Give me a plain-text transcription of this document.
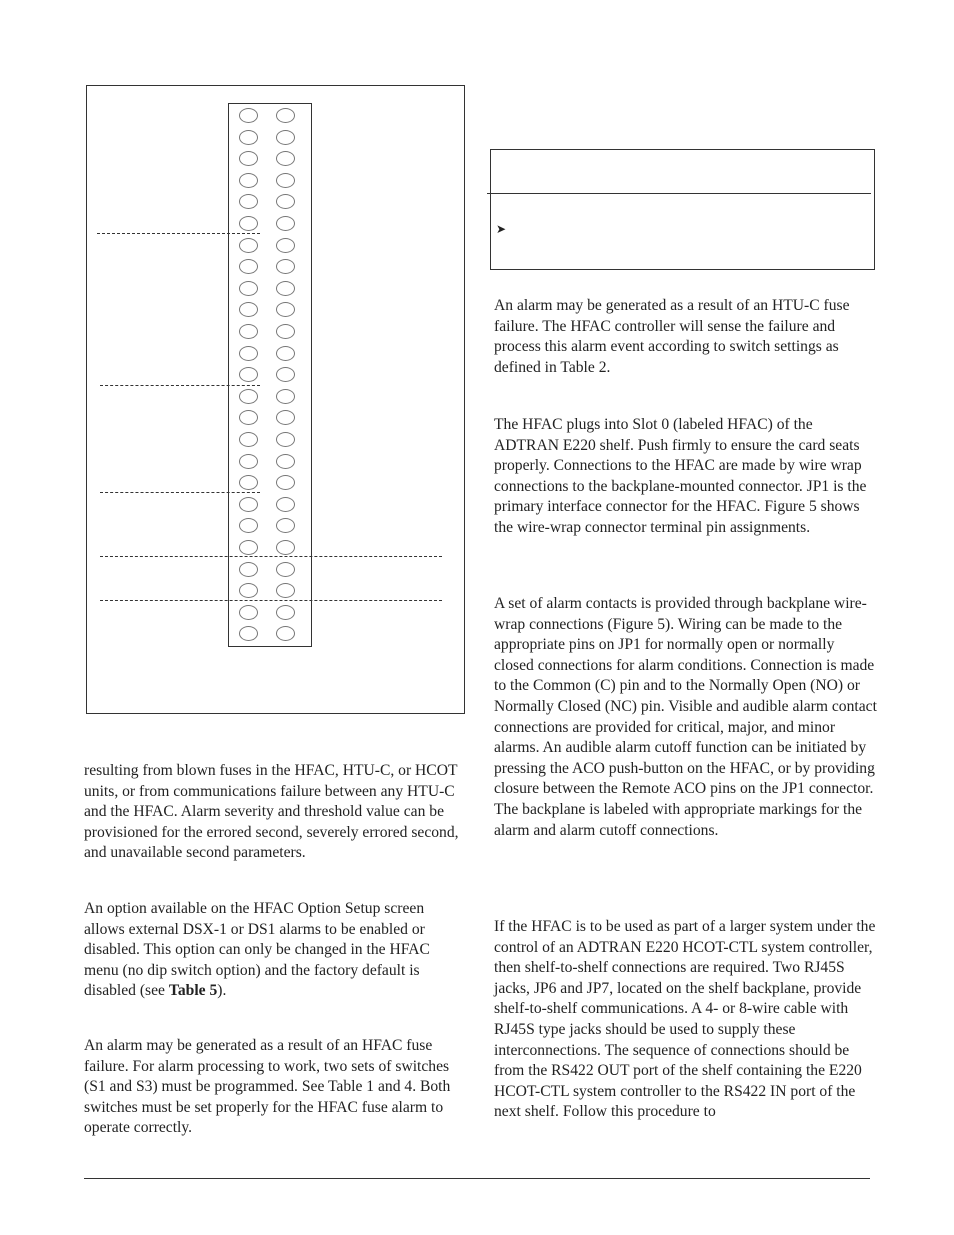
➤

resulting from blown fuses in the HFAC, HTU-C, or HCOT units, or from communications failure between any HTU-C and the HFAC. Alarm severity and threshold value can be provisioned for the errored second, severely errored second, and unavailable second parameters.

An option available on the HFAC Option Setup screen allows external DSX-1 or DS1 alarms to be enabled or disabled. This option can only be changed in the HFAC menu (no dip switch option) and the factory default is disabled (see Table 5).

An alarm may be generated as a result of an HFAC fuse failure. For alarm processing to work, two sets of switches (S1 and S3) must be programmed. See Table 1 and 4. Both switches must be set properly for the HFAC fuse alarm to operate correctly.

An alarm may be generated as a result of an HTU-C fuse failure. The HFAC controller will sense the failure and process this alarm event according to switch settings as defined in Table 2.

The HFAC plugs into Slot 0 (labeled HFAC) of the ADTRAN E220 shelf. Push firmly to ensure the card seats properly. Connections to the HFAC are made by wire wrap connections to the backplane-mounted connector. JP1 is the primary interface connector for the HFAC. Figure 5 shows the wire-wrap connector terminal pin assignments.

A set of alarm contacts is provided through backplane wire-wrap connections (Figure 5). Wiring can be made to the appropriate pins on JP1 for normally open or normally closed connections for alarm conditions. Connection is made to the Common (C) pin and to the Normally Open (NO) or Normally Closed (NC) pin. Visible and audible alarm contact connections are provided for critical, major, and minor alarms. An audible alarm cutoff function can be initiated by pressing the ACO push-button on the HFAC, or by providing closure between the Remote ACO pins on the JP1 connector. The backplane is labeled with appropriate markings for the alarm and alarm cutoff connections.

If the HFAC is to be used as part of a larger system under the control of an ADTRAN E220 HCOT-CTL system controller, then shelf-to-shelf connections are required. Two RJ45S jacks, JP6 and JP7, located on the shelf backplane, provide shelf-to-shelf communications. A 4- or 8-wire cable with RJ45S type jacks should be used to supply these interconnections. The sequence of connections should be from the RS422 OUT port of the shelf containing the E220 HCOT-CTL system controller to the RS422 IN port of the next shelf. Follow this procedure to
